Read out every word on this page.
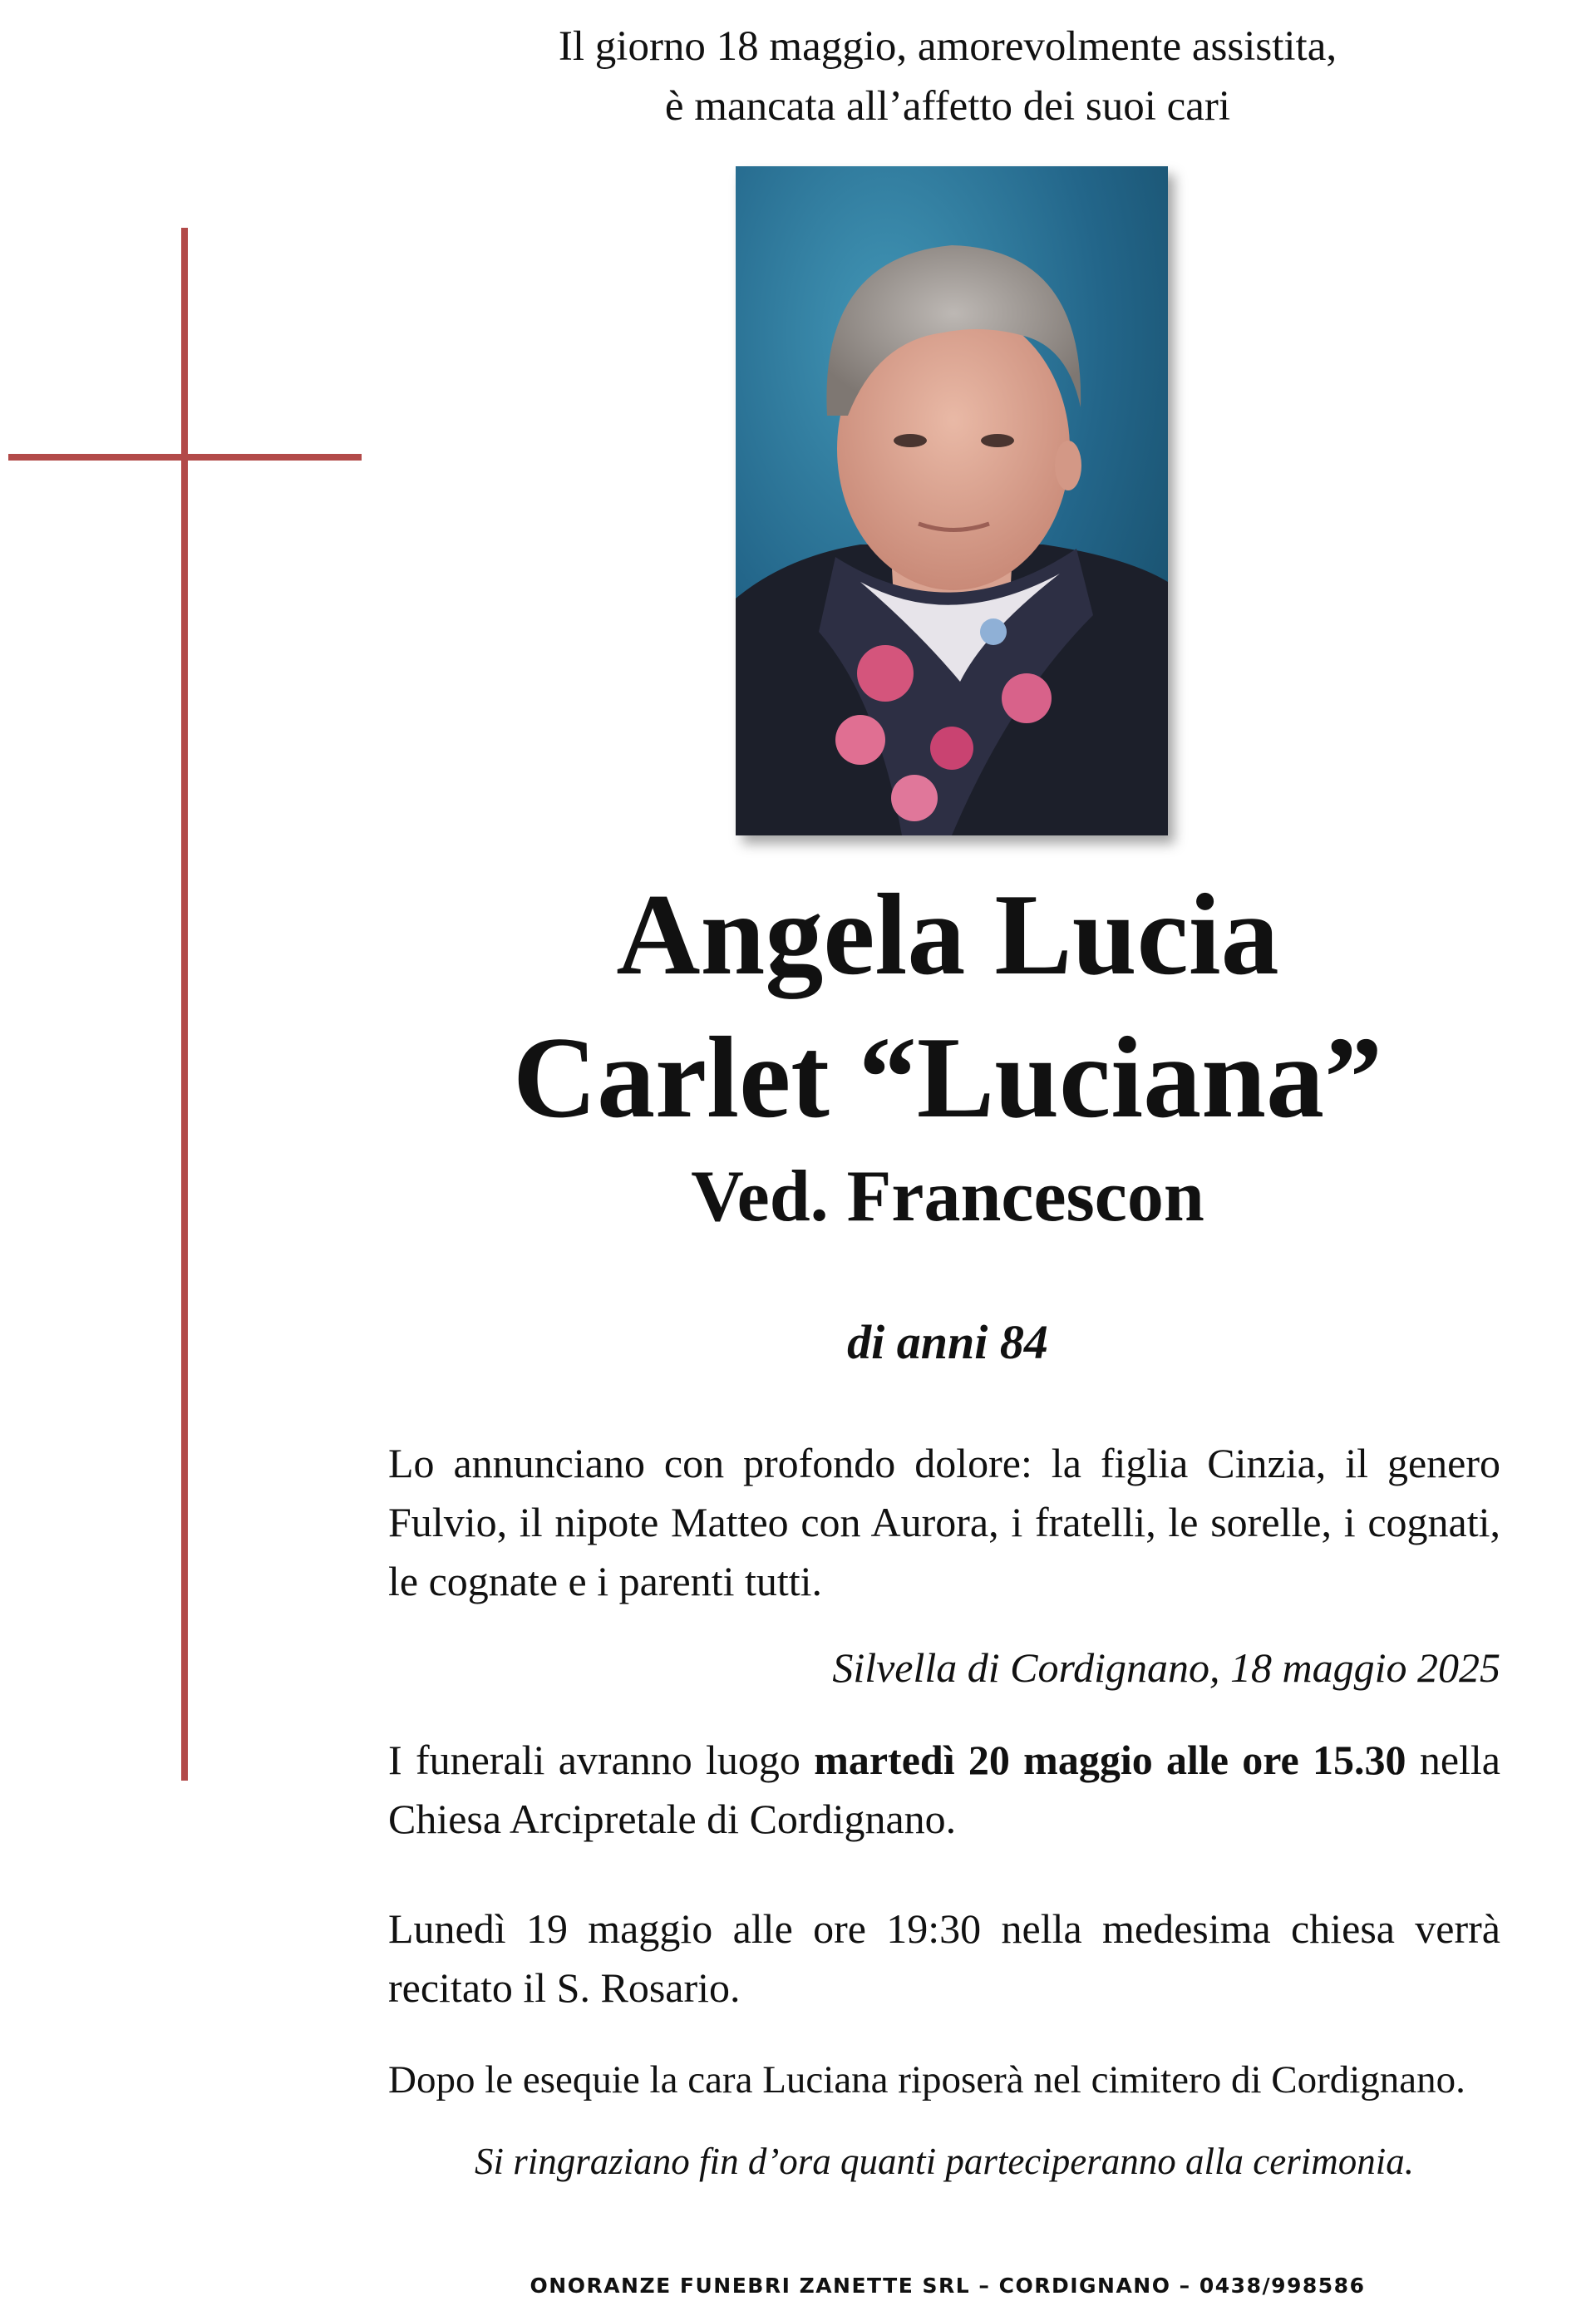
Il giorno 18 maggio, amorevolmente assistita,

è mancata all’affetto dei suoi cari

Angela Lucia
Carlet “Luciana”
Ved. Francescon
di anni 84

Lo annunciano con profondo dolore: la figlia Cinzia, il genero Fulvio, il nipote Matteo con Aurora, i fratelli, le sorelle, i cognati, le cognate e i parenti tutti.

Silvella di Cordignano, 18 maggio 2025

I funerali avranno luogo martedì 20 maggio alle ore 15.30 nella Chiesa Arcipretale di Cordignano.

Lunedì 19 maggio alle ore 19:30 nella medesima chiesa verrà recitato il S. Rosario.

Dopo le esequie la cara Luciana riposerà nel cimitero di Cordignano.

Si ringraziano fin d’ora quanti parteciperanno alla cerimonia.
ONORANZE FUNEBRI ZANETTE SRL – CORDIGNANO – 0438/998586
